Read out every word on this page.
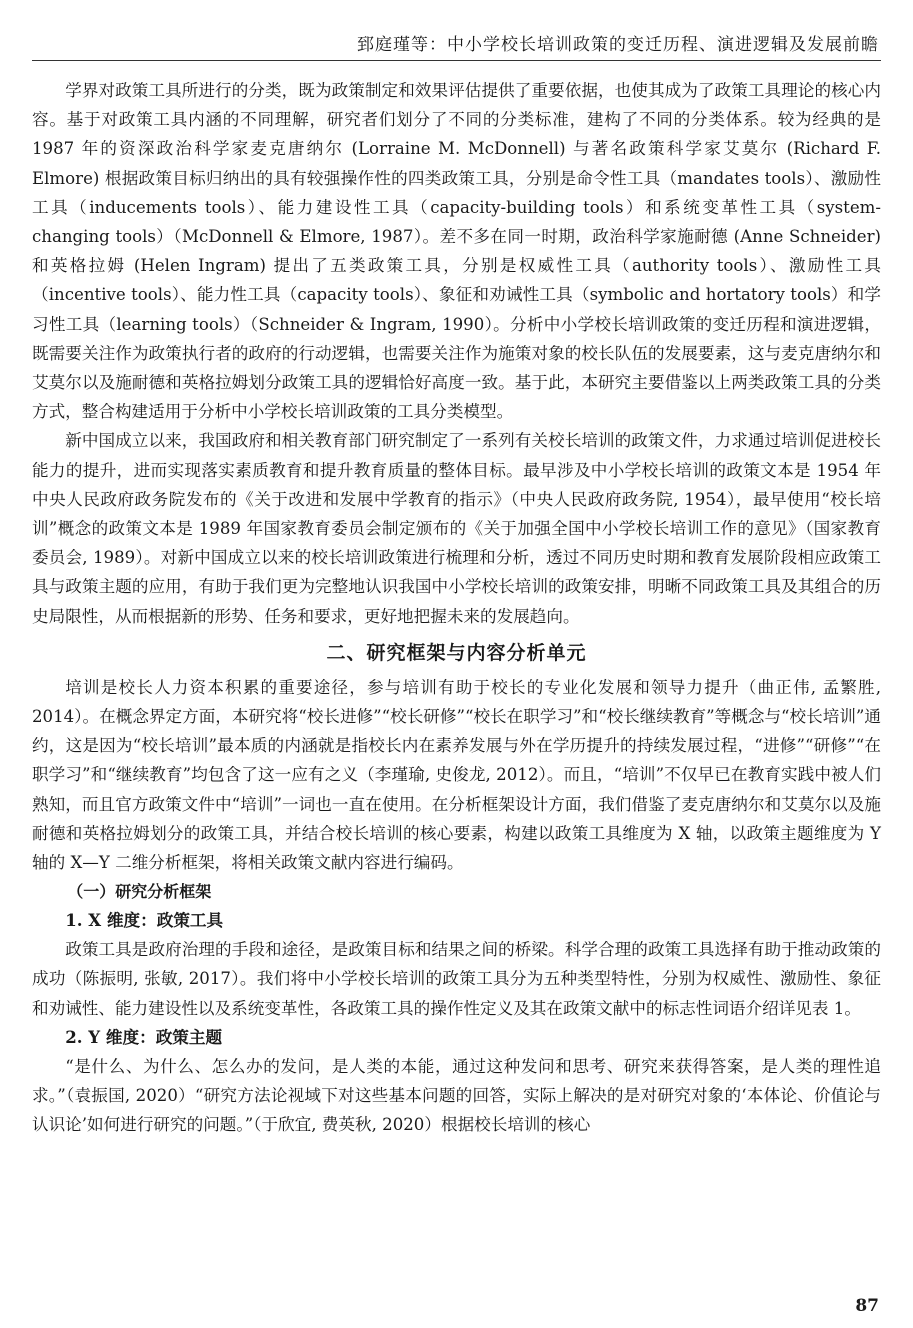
郅庭瑾等：中小学校长培训政策的变迁历程、演进逻辑及发展前瞻

学界对政策工具所进行的分类，既为政策制定和效果评估提供了重要依据，也使其成为了政策工具理论的核心内容。基于对政策工具内涵的不同理解，研究者们划分了不同的分类标准，建构了不同的分类体系。较为经典的是 1987 年的资深政治科学家麦克唐纳尔 (Lorraine M. McDonnell) 与著名政策科学家艾莫尔 (Richard F. Elmore) 根据政策目标归纳出的具有较强操作性的四类政策工具，分别是命令性工具（mandates tools）、激励性工具（inducements tools）、能力建设性工具（capacity-building tools）和系统变革性工具（system-changing tools）（McDonnell & Elmore, 1987）。差不多在同一时期，政治科学家施耐德 (Anne Schneider) 和英格拉姆 (Helen Ingram) 提出了五类政策工具，分别是权威性工具（authority tools）、激励性工具（incentive tools）、能力性工具（capacity tools）、象征和劝诫性工具（symbolic and hortatory tools）和学习性工具（learning tools）（Schneider & Ingram, 1990）。分析中小学校长培训政策的变迁历程和演进逻辑，既需要关注作为政策执行者的政府的行动逻辑，也需要关注作为施策对象的校长队伍的发展要素，这与麦克唐纳尔和艾莫尔以及施耐德和英格拉姆划分政策工具的逻辑恰好高度一致。基于此，本研究主要借鉴以上两类政策工具的分类方式，整合构建适用于分析中小学校长培训政策的工具分类模型。

新中国成立以来，我国政府和相关教育部门研究制定了一系列有关校长培训的政策文件，力求通过培训促进校长能力的提升，进而实现落实素质教育和提升教育质量的整体目标。最早涉及中小学校长培训的政策文本是 1954 年中央人民政府政务院发布的《关于改进和发展中学教育的指示》（中央人民政府政务院, 1954），最早使用“校长培训”概念的政策文本是 1989 年国家教育委员会制定颁布的《关于加强全国中小学校长培训工作的意见》（国家教育委员会, 1989）。对新中国成立以来的校长培训政策进行梳理和分析，透过不同历史时期和教育发展阶段相应政策工具与政策主题的应用，有助于我们更为完整地认识我国中小学校长培训的政策安排，明晰不同政策工具及其组合的历史局限性，从而根据新的形势、任务和要求，更好地把握未来的发展趋向。

二、研究框架与内容分析单元

培训是校长人力资本积累的重要途径，参与培训有助于校长的专业化发展和领导力提升（曲正伟, 孟繁胜, 2014）。在概念界定方面，本研究将“校长进修”“校长研修”“校长在职学习”和“校长继续教育”等概念与“校长培训”通约，这是因为“校长培训”最本质的内涵就是指校长内在素养发展与外在学历提升的持续发展过程，“进修”“研修”“在职学习”和“继续教育”均包含了这一应有之义（李瑾瑜, 史俊龙, 2012）。而且，“培训”不仅早已在教育实践中被人们熟知，而且官方政策文件中“培训”一词也一直在使用。在分析框架设计方面，我们借鉴了麦克唐纳尔和艾莫尔以及施耐德和英格拉姆划分的政策工具，并结合校长培训的核心要素，构建以政策工具维度为 X 轴，以政策主题维度为 Y 轴的 X—Y 二维分析框架，将相关政策文献内容进行编码。

（一）研究分析框架
1. X 维度：政策工具

政策工具是政府治理的手段和途径，是政策目标和结果之间的桥梁。科学合理的政策工具选择有助于推动政策的成功（陈振明, 张敏, 2017）。我们将中小学校长培训的政策工具分为五种类型特性，分别为权威性、激励性、象征和劝诫性、能力建设性以及系统变革性，各政策工具的操作性定义及其在政策文献中的标志性词语介绍详见表 1。

2. Y 维度：政策主题

“是什么、为什么、怎么办的发问，是人类的本能，通过这种发问和思考、研究来获得答案，是人类的理性追求。”（袁振国, 2020）“研究方法论视域下对这些基本问题的回答，实际上解决的是对研究对象的‘本体论、价值论与认识论’如何进行研究的问题。”（于欣宜, 费英秋, 2020）根据校长培训的核心

87
